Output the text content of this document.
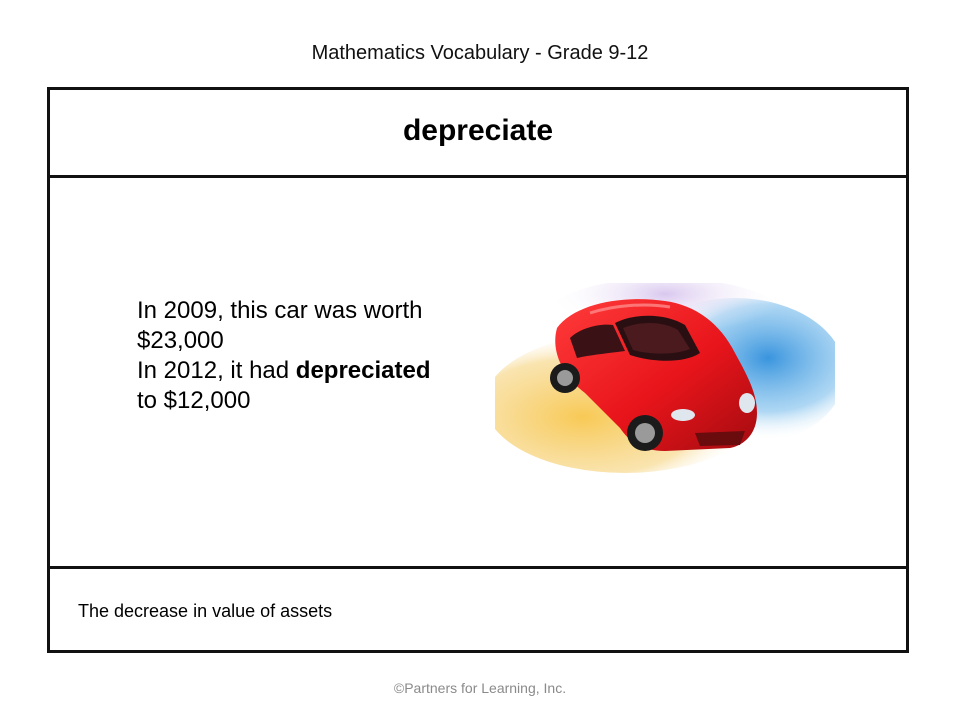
Mathematics Vocabulary - Grade 9-12
depreciate
In 2009, this car was worth
$23,000
In 2012, it had depreciated
to $12,000
The decrease in value of assets
©Partners for Learning, Inc.
